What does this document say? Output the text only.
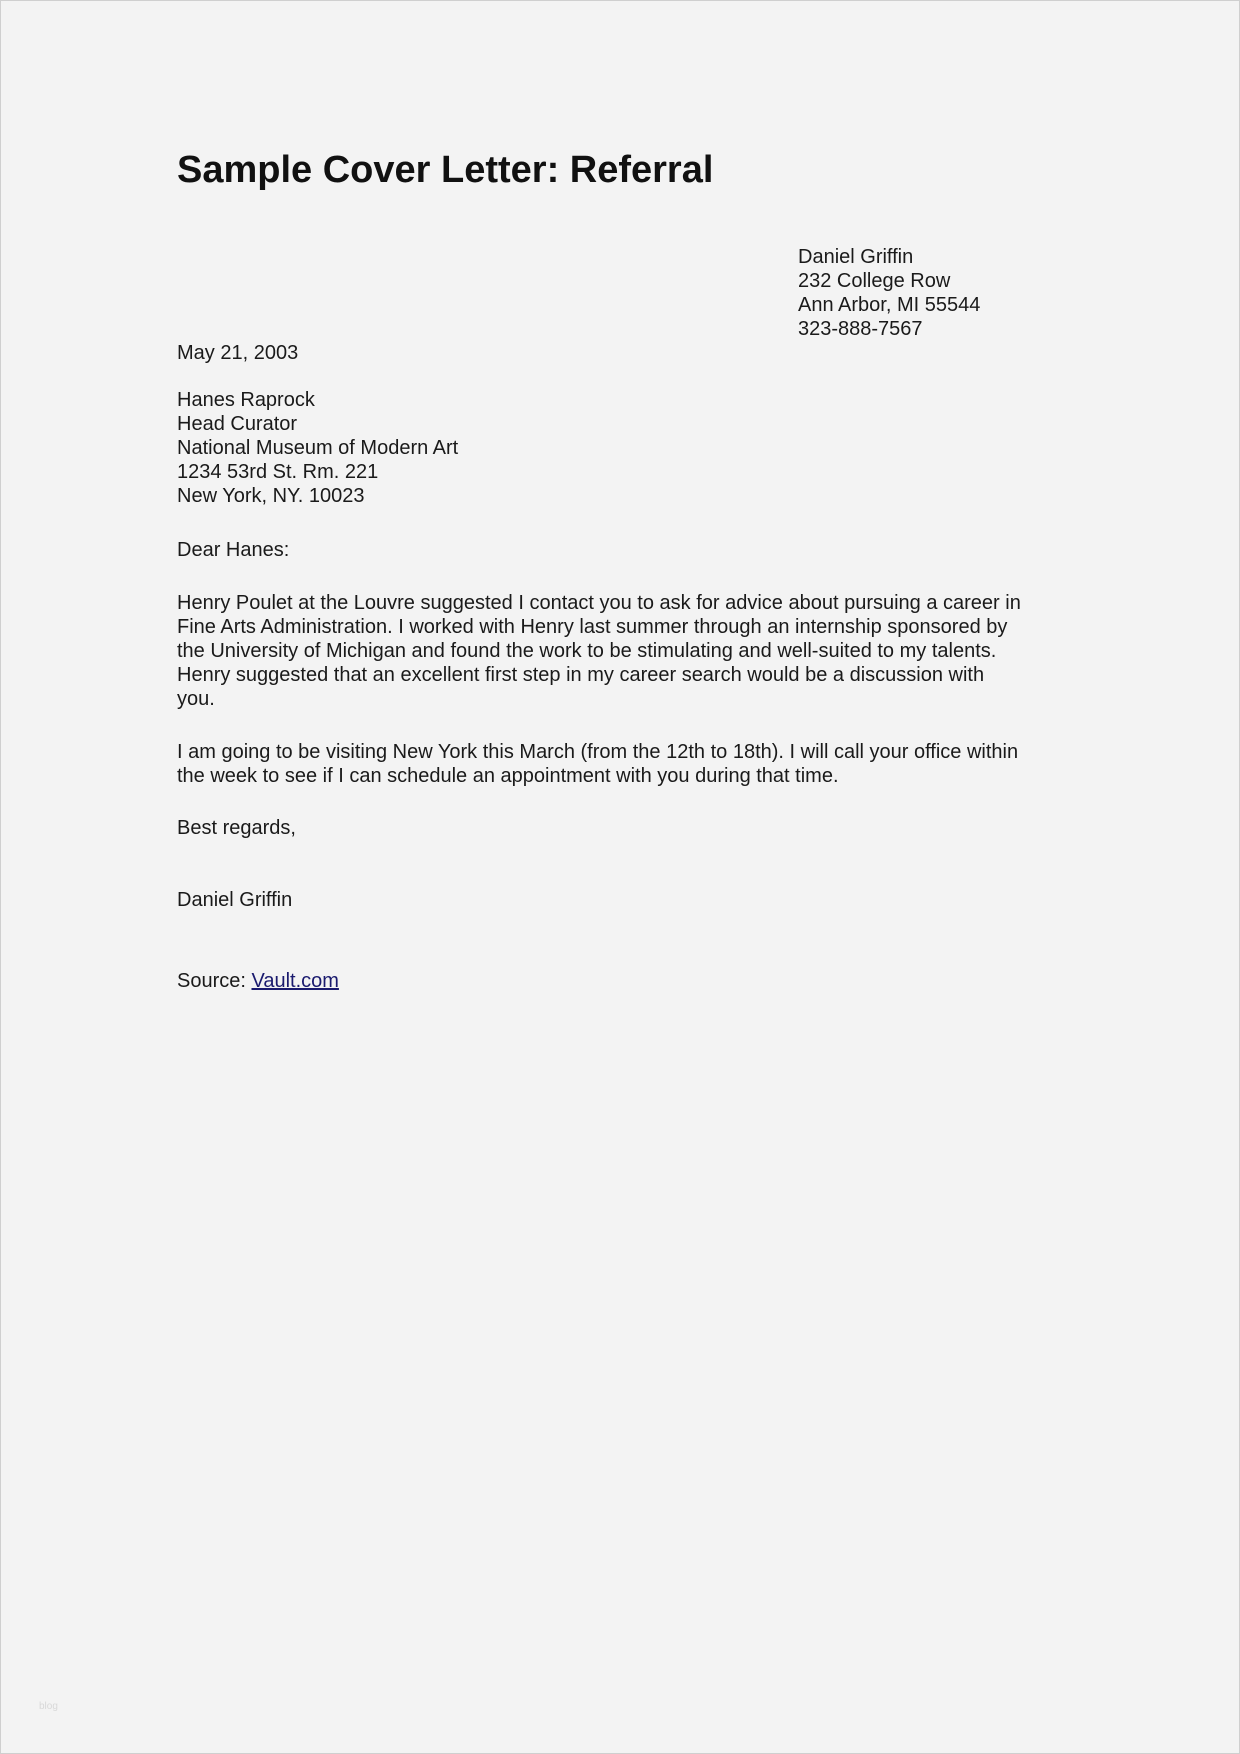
Sample Cover Letter: Referral
Daniel Griffin
232 College Row
Ann Arbor, MI 55544
323-888-7567
May 21, 2003
Hanes Raprock
Head Curator
National Museum of Modern Art
1234 53rd St. Rm. 221
New York, NY. 10023
Dear Hanes:
Henry Poulet at the Louvre suggested I contact you to ask for advice about pursuing a career in
Fine Arts Administration. I worked with Henry last summer through an internship sponsored by
the University of Michigan and found the work to be stimulating and well-suited to my talents.
Henry suggested that an excellent first step in my career search would be a discussion with
you.
I am going to be visiting New York this March (from the 12th to 18th). I will call your office within
the week to see if I can schedule an appointment with you during that time.
Best regards,
Daniel Griffin
Source: Vault.com
blog
